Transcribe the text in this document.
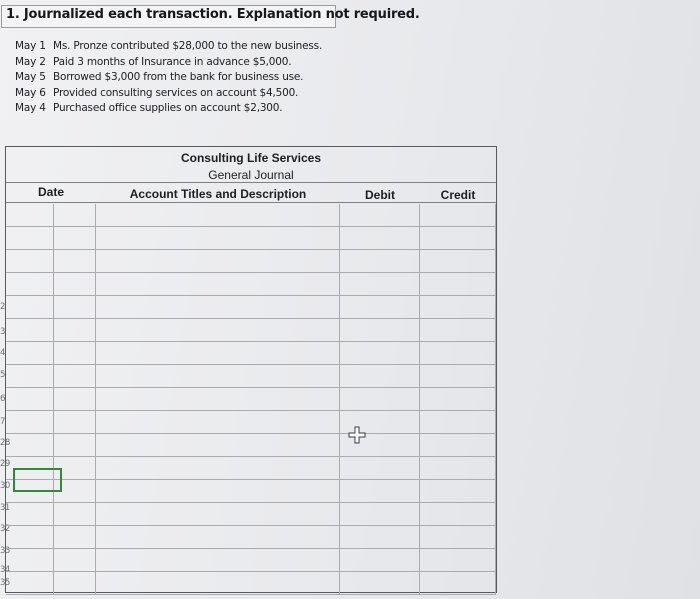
1. Journalized each transaction. Explanation not required.
May 1 Ms. Pronze contributed $28,000 to the new business.
May 2 Paid 3 months of Insurance in advance $5,000.
May 5 Borrowed $3,000 from the bank for business use.
May 6 Provided consulting services on account $4,500.
May 4 Purchased office supplies on account $2,300.
2
3
4
5
6
7
28
29
30
31
32
33
34
35
Consulting Life Services
General Journal
Date	Account Titles and Description	Debit	Credit
